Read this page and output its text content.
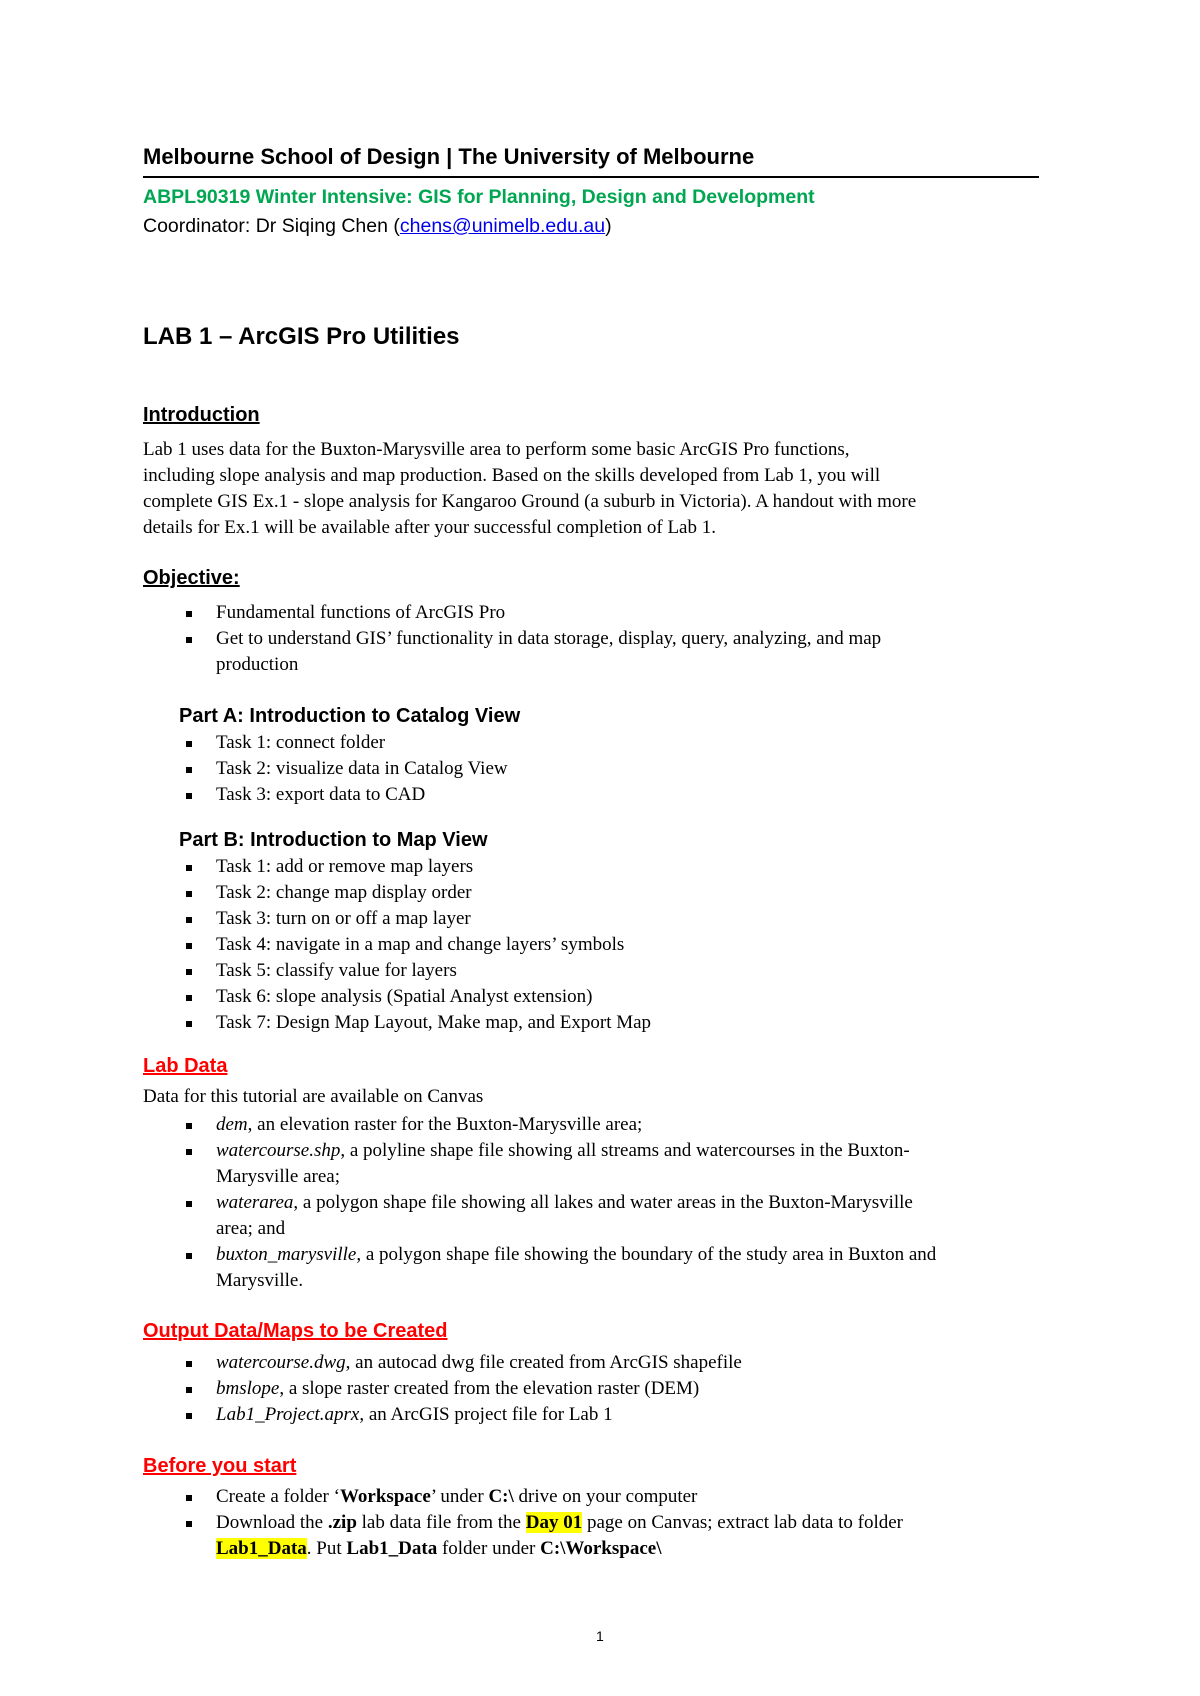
Melbourne School of Design | The University of Melbourne
ABPL90319 Winter Intensive: GIS for Planning, Design and Development
Coordinator: Dr Siqing Chen (chens@unimelb.edu.au)
LAB 1 – ArcGIS Pro Utilities
Introduction
Lab 1 uses data for the Buxton-Marysville area to perform some basic ArcGIS Pro functions,
including slope analysis and map production. Based on the skills developed from Lab 1, you will
complete GIS Ex.1 - slope analysis for Kangaroo Ground (a suburb in Victoria). A handout with more
details for Ex.1 will be available after your successful completion of Lab 1.
Objective:
Fundamental functions of ArcGIS Pro
Get to understand GIS’ functionality in data storage, display, query, analyzing, and map
production
Part A: Introduction to Catalog View
Task 1: connect folder
Task 2: visualize data in Catalog View
Task 3: export data to CAD
Part B: Introduction to Map View
Task 1: add or remove map layers
Task 2: change map display order
Task 3: turn on or off a map layer
Task 4: navigate in a map and change layers’ symbols
Task 5: classify value for layers
Task 6: slope analysis (Spatial Analyst extension)
Task 7: Design Map Layout, Make map, and Export Map
Lab Data
Data for this tutorial are available on Canvas
dem, an elevation raster for the Buxton-Marysville area;
watercourse.shp, a polyline shape file showing all streams and watercourses in the Buxton-
Marysville area;
waterarea, a polygon shape file showing all lakes and water areas in the Buxton-Marysville
area; and
buxton_marysville, a polygon shape file showing the boundary of the study area in Buxton and
Marysville.
Output Data/Maps to be Created
watercourse.dwg, an autocad dwg file created from ArcGIS shapefile
bmslope, a slope raster created from the elevation raster (DEM)
Lab1_Project.aprx, an ArcGIS project file for Lab 1
Before you start
Create a folder ‘Workspace’ under C:\ drive on your computer
Download the .zip lab data file from the Day 01 page on Canvas; extract lab data to folder
Lab1_Data. Put Lab1_Data folder under C:\Workspace\
1
